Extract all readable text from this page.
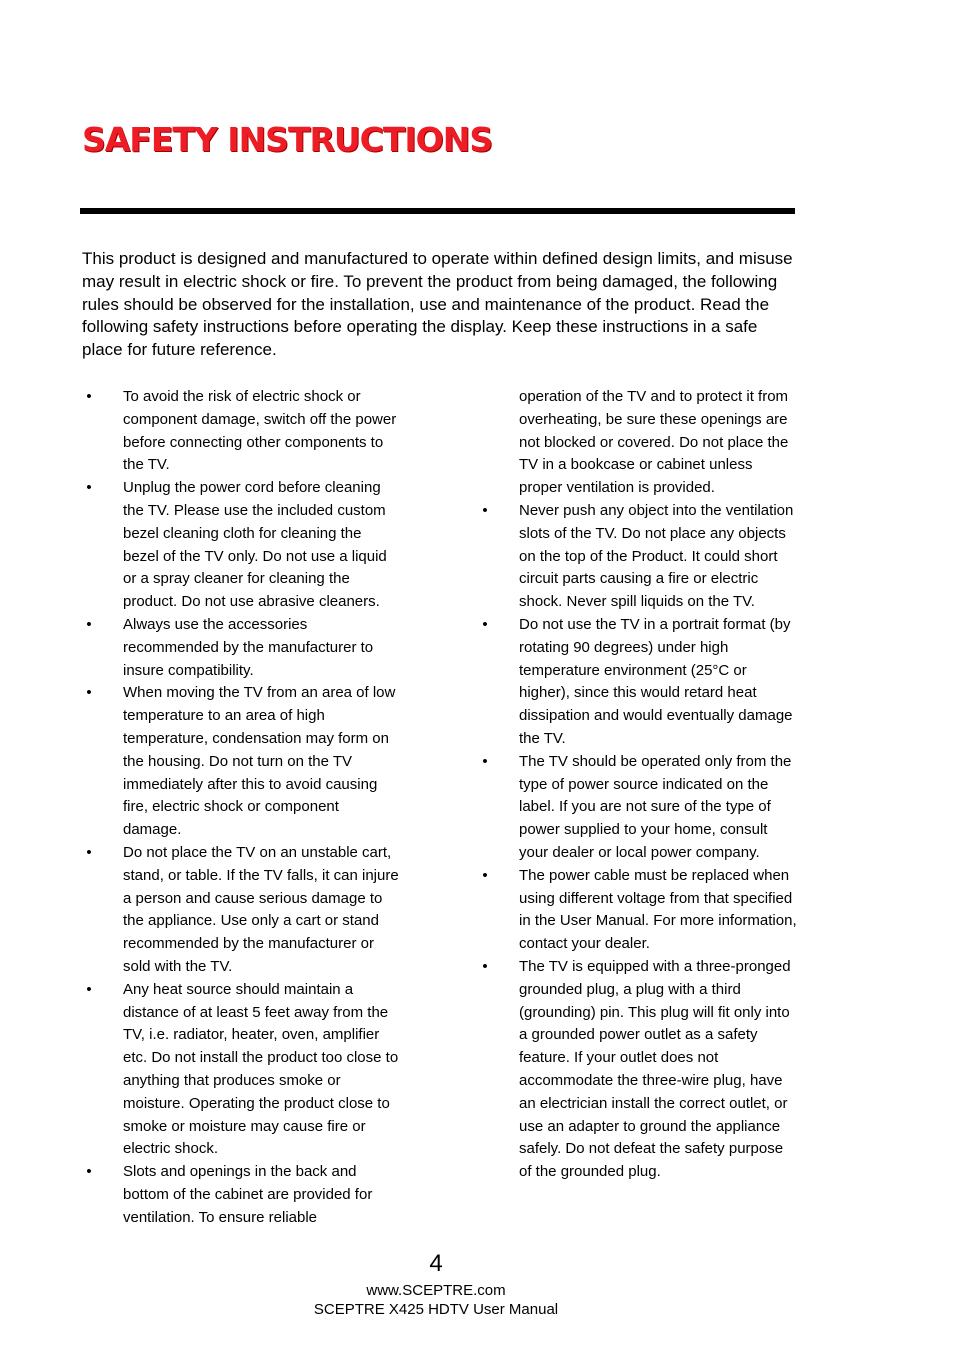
SAFETY INSTRUCTIONS

This product is designed and manufactured to operate within defined design limits, and misuse may result in electric shock or fire. To prevent the product from being damaged, the following rules should be observed for the installation, use and maintenance of the product. Read the following safety instructions before operating the display. Keep these instructions in a safe place for future reference.

• To avoid the risk of electric shock or component damage, switch off the power before connecting other components to the TV.
• Unplug the power cord before cleaning the TV. Please use the included custom bezel cleaning cloth for cleaning the bezel of the TV only. Do not use a liquid or a spray cleaner for cleaning the product. Do not use abrasive cleaners.
• Always use the accessories recommended by the manufacturer to insure compatibility.
• When moving the TV from an area of low temperature to an area of high temperature, condensation may form on the housing. Do not turn on the TV immediately after this to avoid causing fire, electric shock or component damage.
• Do not place the TV on an unstable cart, stand, or table. If the TV falls, it can injure a person and cause serious damage to the appliance. Use only a cart or stand recommended by the manufacturer or sold with the TV.
• Any heat source should maintain a distance of at least 5 feet away from the TV, i.e. radiator, heater, oven, amplifier etc. Do not install the product too close to anything that produces smoke or moisture. Operating the product close to smoke or moisture may cause fire or electric shock.
• Slots and openings in the back and bottom of the cabinet are provided for ventilation. To ensure reliable
operation of the TV and to protect it from overheating, be sure these openings are not blocked or covered. Do not place the TV in a bookcase or cabinet unless proper ventilation is provided.
• Never push any object into the ventilation slots of the TV. Do not place any objects on the top of the Product. It could short circuit parts causing a fire or electric shock. Never spill liquids on the TV.
• Do not use the TV in a portrait format (by rotating 90 degrees) under high temperature environment (25°C or higher), since this would retard heat dissipation and would eventually damage the TV.
• The TV should be operated only from the type of power source indicated on the label. If you are not sure of the type of power supplied to your home, consult your dealer or local power company.
• The power cable must be replaced when using different voltage from that specified in the User Manual. For more information, contact your dealer.
• The TV is equipped with a three-pronged grounded plug, a plug with a third (grounding) pin. This plug will fit only into a grounded power outlet as a safety feature. If your outlet does not accommodate the three-wire plug, have an electrician install the correct outlet, or use an adapter to ground the appliance safely. Do not defeat the safety purpose of the grounded plug.
4
www.SCEPTRE.com
SCEPTRE X425 HDTV User Manual
